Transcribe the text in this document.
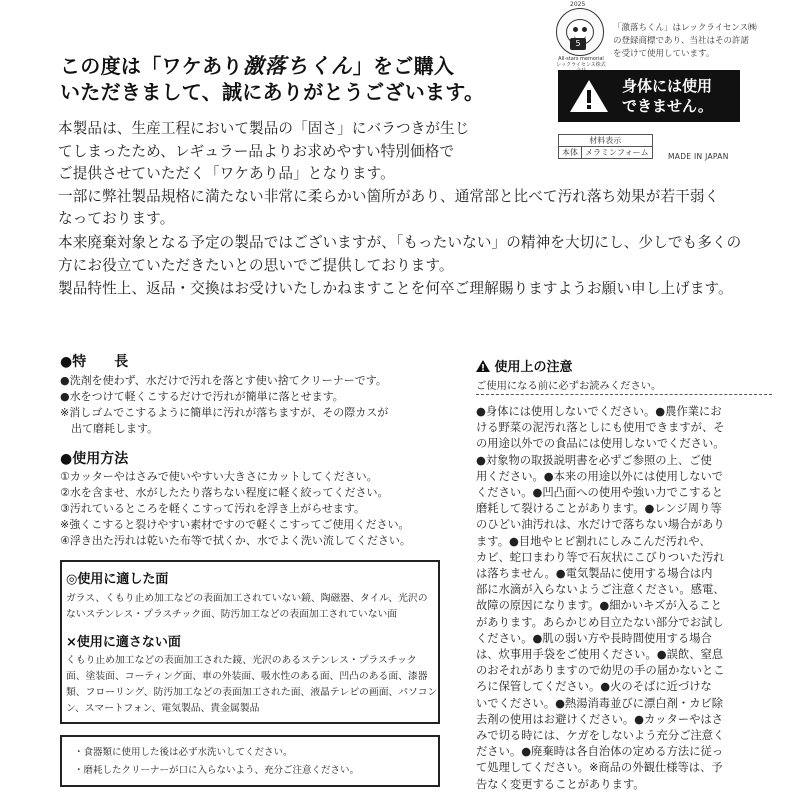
この度は「ワケあり激落ちくん」をご購入
いただきまして、誠にありがとうございます。
2025
5
All-stars memorial
レックライセンス株式
「激落ちくん」はレックライセンス㈱
の登録商標であり、当社はその許諾
を受けて使用しています。
身体には使用
できません。
材料表示
本体	メラミンフォーム	MADE IN JAPAN
本製品は、生産工程において製品の「固さ」にバラつきが生じ
てしまったため、レギュラー品よりお求めやすい特別価格で
ご提供させていただく「ワケあり品」となります。
一部に弊社製品規格に満たない非常に柔らかい箇所があり、通常部と比べて汚れ落ち効果が若干弱く
なっております。
本来廃棄対象となる予定の製品ではございますが、「もったいない」の精神を大切にし、少しでも多くの
方にお役立ていただきたいとの思いでご提供しております。
製品特性上、返品・交換はお受けいたしかねますことを何卒ご理解賜りますようお願い申し上げます。
●特　　長
●洗剤を使わず、水だけで汚れを落とす使い捨てクリーナーです。
●水をつけて軽くこするだけで汚れが簡単に落とせます。
※消しゴムでこするように簡単に汚れが落ちますが、その際カスが
　出て磨耗します。
●使用方法
①カッターやはさみで使いやすい大きさにカットしてください。
②水を含ませ、水がしたたり落ちない程度に軽く絞ってください。
③汚れているところを軽くこすって汚れを浮き上がらせます。
※強くこすると裂けやすい素材ですので軽くこすってご使用ください。
④浮き出た汚れは乾いた布等で拭くか、水でよく洗い流してください。
◎使用に適した面
ガラス、くもり止め加工などの表面加工されていない鏡、陶磁器、タイル、光沢の
ないステンレス・プラスチック面、防汚加工などの表面加工されていない面
×使用に適さない面
くもり止め加工などの表面加工された鏡、光沢のあるステンレス・プラスチック
面、塗装面、コーティング面、車の外装面、吸水性のある面、凹凸のある面、漆器
類、フローリング、防汚加工などの表面加工された面、液晶テレビの画面、パソコン
ン、スマートフォン、電気製品、貴金属製品
・食器類に使用した後は必ず水洗いしてください。
・磨耗したクリーナーが口に入らないよう、充分ご注意ください。
使用上の注意
ご使用になる前に必ずお読みください。
●身体には使用しないでください。●農作業にお
ける野菜の泥汚れ落としにも使用できますが、そ
の用途以外での食品には使用しないでください。
●対象物の取扱説明書を必ずご参照の上、ご使
用ください。●本来の用途以外には使用しないで
ください。●凹凸面への使用や強い力でこすると
磨耗して裂けることがあります。●レンジ周り等
のひどい油汚れは、水だけで落ちない場合があり
ます。●目地やヒビ割れにしみこんだ汚れや、
カビ、蛇口まわり等で石灰状にこびりついた汚れ
は落ちません。●電気製品に使用する場合は内
部に水滴が入らないようご注意ください。感電、
故障の原因になります。●細かいキズが入ること
があります。あらかじめ目立たない部分でお試し
ください。●肌の弱い方や長時間使用する場合
は、炊事用手袋をご使用ください。●誤飲、窒息
のおそれがありますので幼児の手の届かないとこ
ろに保管してください。●火のそばに近づけな
いでください。●熱湯消毒並びに漂白剤・カビ除
去剤の使用はお避けください。●カッターやはさ
みで切る時には、ケガをしないよう充分ご注意く
ださい。●廃棄時は各自治体の定める方法に従っ
て処理してください。※商品の外観仕様等は、予
告なく変更することがあります。
